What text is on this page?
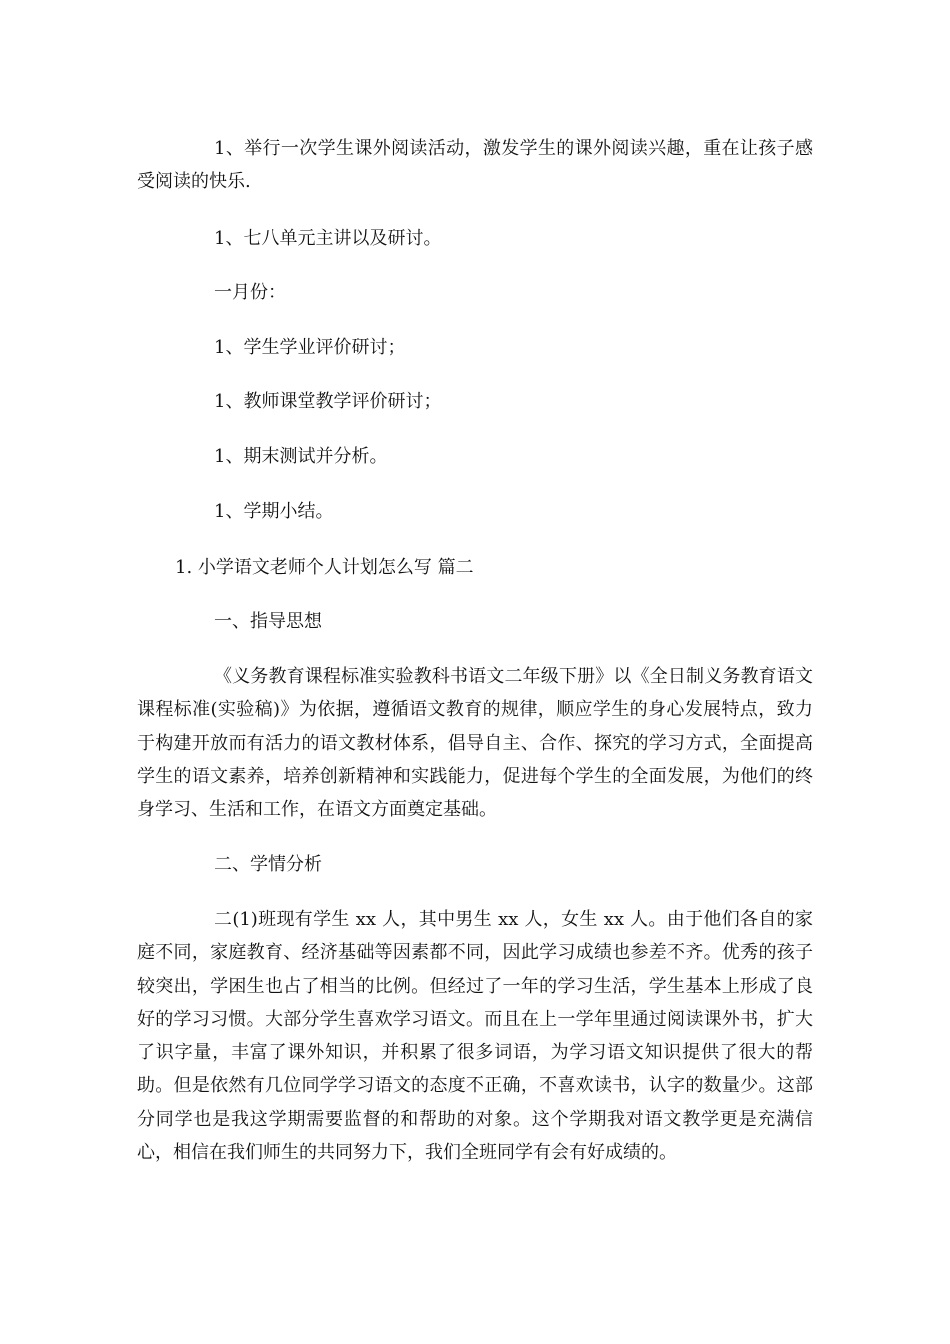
1、举行一次学生课外阅读活动，激发学生的课外阅读兴趣，重在让孩子感受阅读的快乐.

1、七八单元主讲以及研讨。

一月份：

1、学生学业评价研讨；

1、教师课堂教学评价研讨；

1、期末测试并分析。

1、学期小结。

1. 小学语文老师个人计划怎么写 篇二

一、指导思想

《义务教育课程标准实验教科书语文二年级下册》以《全日制义务教育语文课程标准(实验稿)》为依据，遵循语文教育的规律，顺应学生的身心发展特点，致力于构建开放而有活力的语文教材体系，倡导自主、合作、探究的学习方式，全面提高学生的语文素养，培养创新精神和实践能力，促进每个学生的全面发展，为他们的终身学习、生活和工作，在语文方面奠定基础。

二、学情分析

二(1)班现有学生 xx 人，其中男生 xx 人，女生 xx 人。由于他们各自的家庭不同，家庭教育、经济基础等因素都不同，因此学习成绩也参差不齐。优秀的孩子较突出，学困生也占了相当的比例。但经过了一年的学习生活，学生基本上形成了良好的学习习惯。大部分学生喜欢学习语文。而且在上一学年里通过阅读课外书，扩大了识字量，丰富了课外知识，并积累了很多词语，为学习语文知识提供了很大的帮助。但是依然有几位同学学习语文的态度不正确，不喜欢读书，认字的数量少。这部分同学也是我这学期需要监督的和帮助的对象。这个学期我对语文教学更是充满信心，相信在我们师生的共同努力下，我们全班同学有会有好成绩的。
